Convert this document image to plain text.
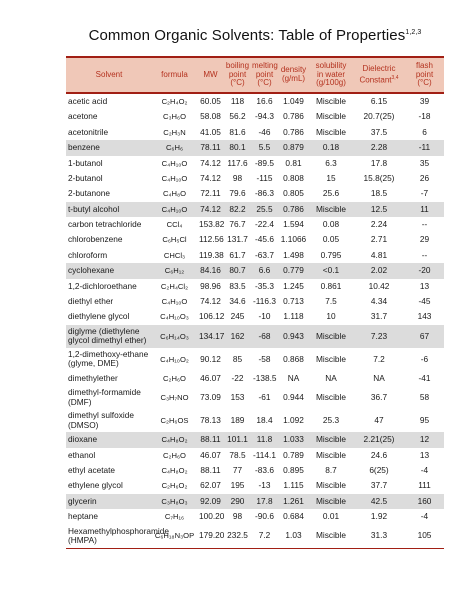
Common Organic Solvents: Table of Properties$^{1,2,3}$
Solvent	formula	MW	boiling
point
(°C)	melting
point
(°C)	density
(g/mL)	solubility
in water
(g/100g)	Dielectric
Constant$^{3,4}$	flash
point
(°C)
acetic acid	C₂H₄O₂	60.05	118	16.6	1.049	Miscible	6.15	39
acetone	C₃H₆O	58.08	56.2	-94.3	0.786	Miscible	20.7(25)	-18
acetonitrile	C₂H₃N	41.05	81.6	-46	0.786	Miscible	37.5	6
benzene	C₆H₆	78.11	80.1	5.5	0.879	0.18	2.28	-11
1-butanol	C₄H₁₀O	74.12	117.6	-89.5	0.81	6.3	17.8	35
2-butanol	C₄H₁₀O	74.12	98	-115	0.808	15	15.8(25)	26
2-butanone	C₄H₈O	72.11	79.6	-86.3	0.805	25.6	18.5	-7
t-butyl alcohol	C₄H₁₀O	74.12	82.2	25.5	0.786	Miscible	12.5	11
carbon tetrachloride	CCl₄	153.82	76.7	-22.4	1.594	0.08	2.24	--
chlorobenzene	C₆H₅Cl	112.56	131.7	-45.6	1.1066	0.05	2.71	29
chloroform	CHCl₃	119.38	61.7	-63.7	1.498	0.795	4.81	--
cyclohexane	C₆H₁₂	84.16	80.7	6.6	0.779	<0.1	2.02	-20
1,2-dichloroethane	C₂H₄Cl₂	98.96	83.5	-35.3	1.245	0.861	10.42	13
diethyl ether	C₄H₁₀O	74.12	34.6	-116.3	0.713	7.5	4.34	-45
diethylene glycol	C₄H₁₀O₃	106.12	245	-10	1.118	10	31.7	143
diglyme (diethylene glycol dimethyl ether)	C₆H₁₄O₃	134.17	162	-68	0.943	Miscible	7.23	67
1,2-dimethoxy-ethane (glyme, DME)	C₄H₁₀O₂	90.12	85	-58	0.868	Miscible	7.2	-6
dimethylether	C₂H₆O	46.07	-22	-138.5	NA	NA	NA	-41
dimethyl-formamide (DMF)	C₃H₇NO	73.09	153	-61	0.944	Miscible	36.7	58
dimethyl sulfoxide (DMSO)	C₂H₆OS	78.13	189	18.4	1.092	25.3	47	95
dioxane	C₄H₈O₂	88.11	101.1	11.8	1.033	Miscible	2.21(25)	12
ethanol	C₂H₆O	46.07	78.5	-114.1	0.789	Miscible	24.6	13
ethyl acetate	C₄H₈O₂	88.11	77	-83.6	0.895	8.7	6(25)	-4
ethylene glycol	C₂H₆O₂	62.07	195	-13	1.115	Miscible	37.7	111
glycerin	C₃H₈O₃	92.09	290	17.8	1.261	Miscible	42.5	160
heptane	C₇H₁₆	100.20	98	-90.6	0.684	0.01	1.92	-4
Hexamethylphosphoramide (HMPA)	C₆H₁₈N₃OP	179.20	232.5	7.2	1.03	Miscible	31.3	105
